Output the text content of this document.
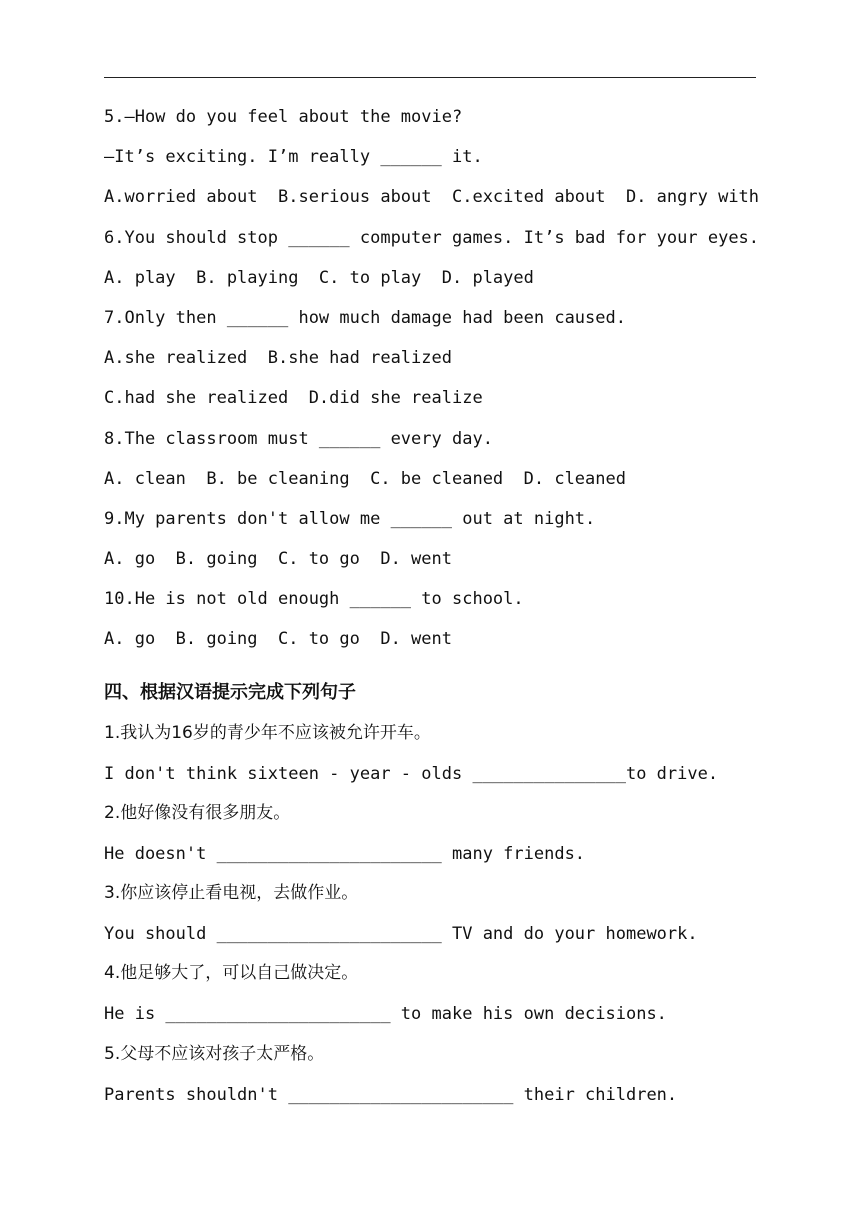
5.—How do you feel about the movie?
—It’s exciting. I’m really ______ it.
A.worried about  B.serious about  C.excited about  D. angry with
6.You should stop ______ computer games. It’s bad for your eyes.
A. play  B. playing  C. to play  D. played
7.Only then ______ how much damage had been caused.
A.she realized  B.she had realized
C.had she realized  D.did she realize
8.The classroom must ______ every day.
A. clean  B. be cleaning  C. be cleaned  D. cleaned
9.My parents don't allow me ______ out at night.
A. go  B. going  C. to go  D. went
10.He is not old enough ______ to school.
A. go  B. going  C. to go  D. went
四、根据汉语提示完成下列句子
1.我认为16岁的青少年不应该被允许开车。
I don't think sixteen - year - olds _______________to drive.
2.他好像没有很多朋友。
He doesn't ______________________ many friends.
3.你应该停止看电视，去做作业。
You should ______________________ TV and do your homework.
4.他足够大了，可以自己做决定。
He is ______________________ to make his own decisions.
5.父母不应该对孩子太严格。
Parents shouldn't ______________________ their children.
